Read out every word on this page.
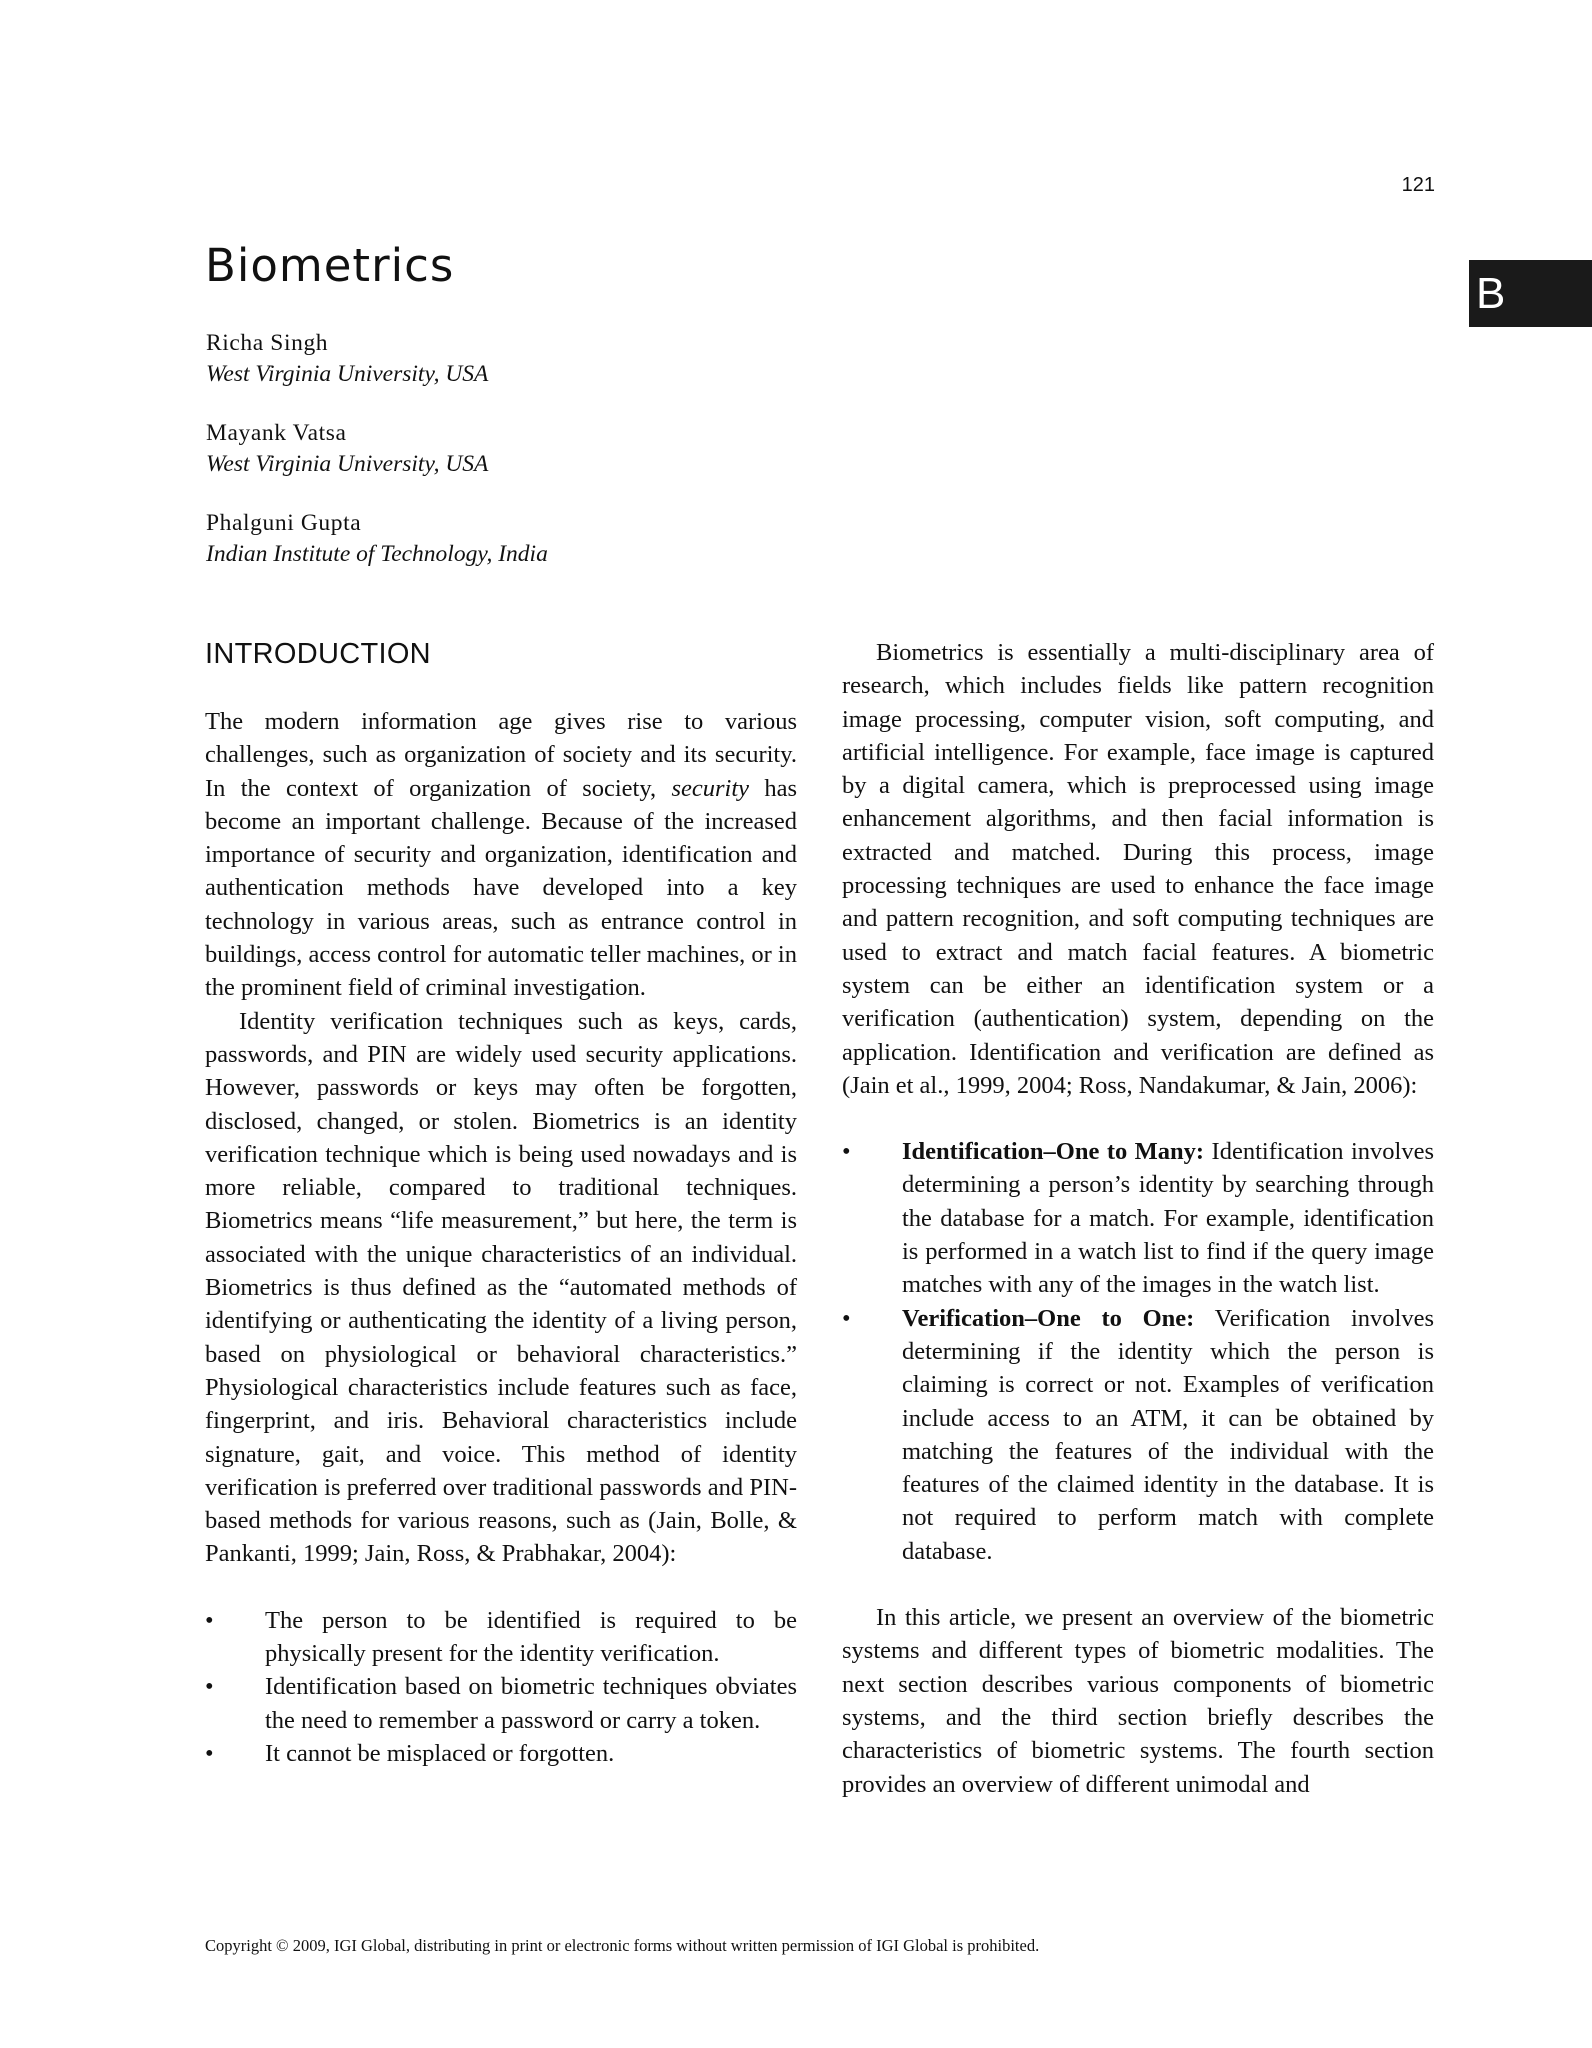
121
B
Biometrics
Richa Singh
West Virginia University, USA
Mayank Vatsa
West Virginia University, USA
Phalguni Gupta
Indian Institute of Technology, India
INTRODUCTION

The modern information age gives rise to various challenges, such as organization of society and its security. In the context of organization of society, security has become an important challenge. Because of the increased importance of security and organization, identification and authentication methods have developed into a key technology in various areas, such as entrance control in buildings, access control for automatic teller machines, or in the prominent field of criminal investigation.

Identity verification techniques such as keys, cards, passwords, and PIN are widely used security applications. However, passwords or keys may often be forgotten, disclosed, changed, or stolen. Biometrics is an identity verification technique which is being used nowadays and is more reliable, compared to traditional techniques. Biometrics means “life measurement,” but here, the term is associated with the unique characteristics of an individual. Biometrics is thus defined as the “automated methods of identifying or authenticating the identity of a living person, based on physiological or behavioral characteristics.” Physiological characteristics include features such as face, fingerprint, and iris. Behavioral characteristics include signature, gait, and voice. This method of identity verification is preferred over traditional passwords and PIN-based methods for various reasons, such as (Jain, Bolle, & Pankanti, 1999; Jain, Ross, & Prabhakar, 2004):

• The person to be identified is required to be physically present for the identity verification.
• Identification based on biometric techniques obviates the need to remember a password or carry a token.
• It cannot be misplaced or forgotten.

Biometrics is essentially a multi-disciplinary area of research, which includes fields like pattern recognition image processing, computer vision, soft computing, and artificial intelligence. For example, face image is captured by a digital camera, which is preprocessed using image enhancement algorithms, and then facial information is extracted and matched. During this process, image processing techniques are used to enhance the face image and pattern recognition, and soft computing techniques are used to extract and match facial features. A biometric system can be either an identification system or a verification (authentication) system, depending on the application. Identification and verification are defined as (Jain et al., 1999, 2004; Ross, Nandakumar, & Jain, 2006):

• Identification–One to Many: Identification involves determining a person’s identity by searching through the database for a match. For example, identification is performed in a watch list to find if the query image matches with any of the images in the watch list.
• Verification–One to One: Verification involves determining if the identity which the person is claiming is correct or not. Examples of verification include access to an ATM, it can be obtained by matching the features of the individual with the features of the claimed identity in the database. It is not required to perform match with complete database.

In this article, we present an overview of the biometric systems and different types of biometric modalities. The next section describes various components of biometric systems, and the third section briefly describes the characteristics of biometric systems. The fourth section provides an overview of different unimodal and

Copyright © 2009, IGI Global, distributing in print or electronic forms without written permission of IGI Global is prohibited.
